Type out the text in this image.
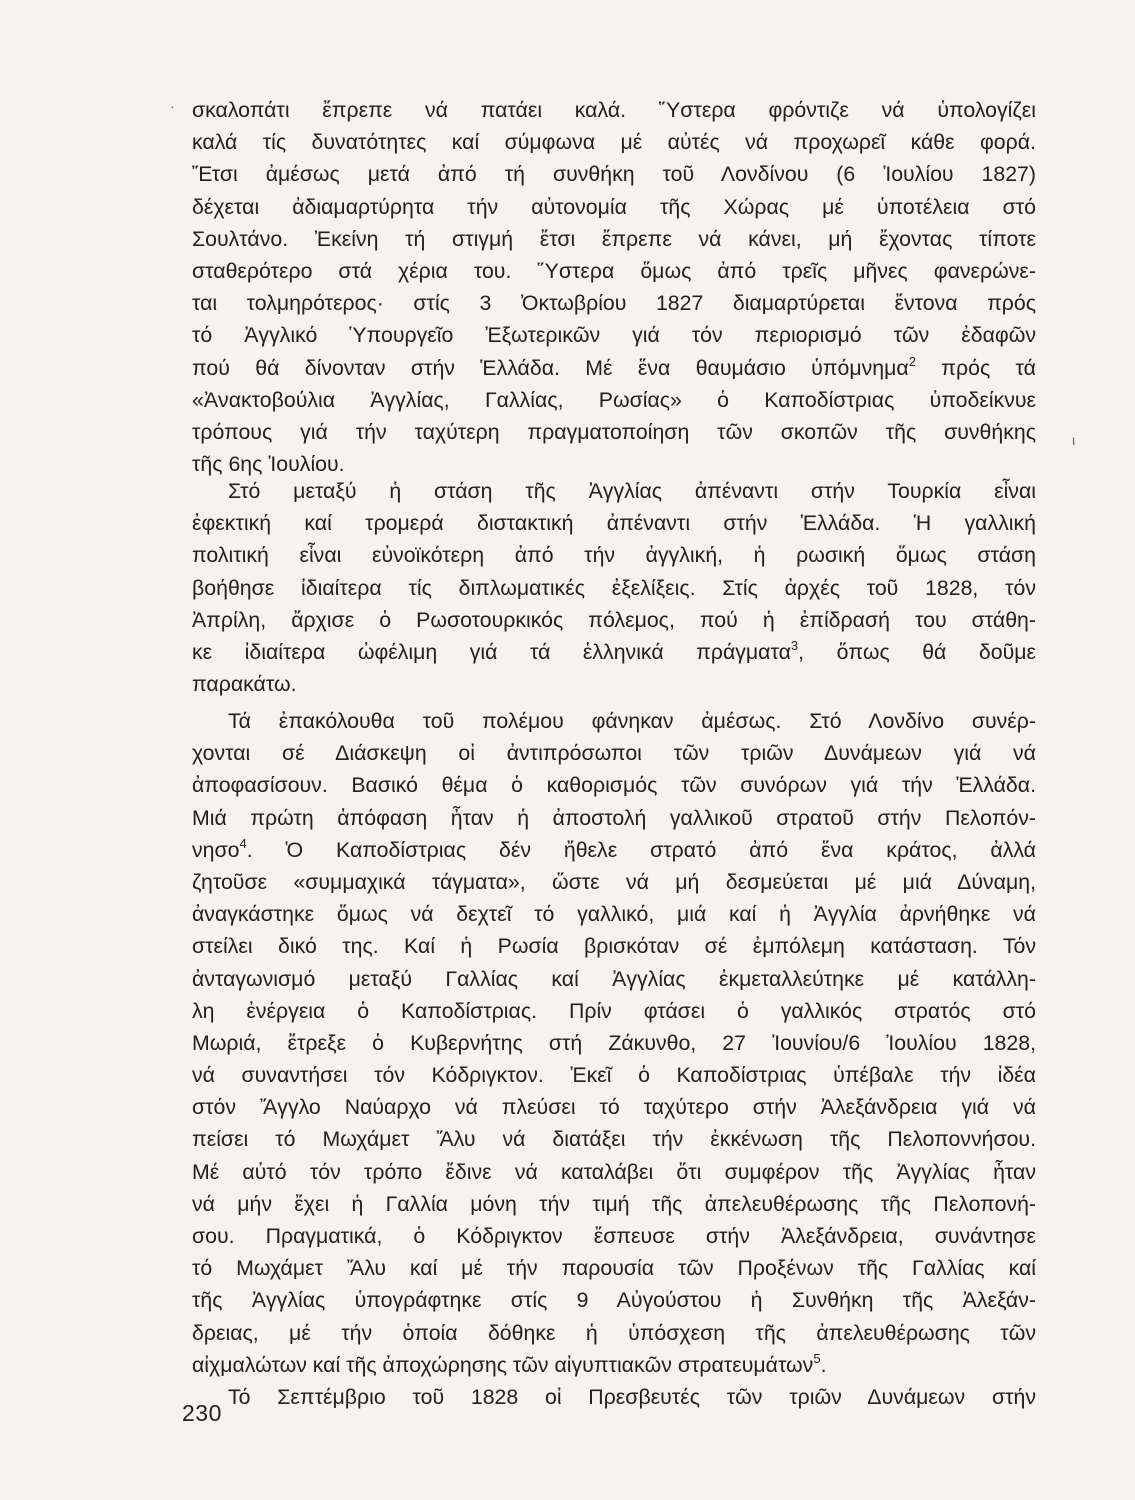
σκαλοπάτι ἔπρεπε νά πατάει καλά. Ὕστερα φρόντιζε νά ὑπολογίζει
καλά τίς δυνατότητες καί σύμφωνα μέ αὐτές νά προχωρεῖ κάθε φορά.
Ἔτσι ἀμέσως μετά ἀπό τή συνθήκη τοῦ Λονδίνου (6 Ἰουλίου 1827)
δέχεται ἀδιαμαρτύρητα τήν αὐτονομία τῆς Χώρας μέ ὑποτέλεια στό
Σουλτάνο. Ἐκείνη τή στιγμή ἔτσι ἔπρεπε νά κάνει, μή ἔχοντας τίποτε
σταθερότερο στά χέρια του. Ὕστερα ὅμως ἀπό τρεῖς μῆνες φανερώνε-
ται τολμηρότερος· στίς 3 Ὀκτωβρίου 1827 διαμαρτύρεται ἔντονα πρός
τό Ἀγγλικό Ὑπουργεῖο Ἐξωτερικῶν γιά τόν περιορισμό τῶν ἐδαφῶν
πού θά δίνονταν στήν Ἑλλάδα. Μέ ἕνα θαυμάσιο ὑπόμνημα$^2$ πρός τά
«Ἀνακτοβούλια Ἀγγλίας, Γαλλίας, Ρωσίας» ὁ Καποδίστριας ὑποδείκνυε
τρόπους γιά τήν ταχύτερη πραγματοποίηση τῶν σκοπῶν τῆς συνθήκης
τῆς 6ης Ἰουλίου.
Στό μεταξύ ἡ στάση τῆς Ἀγγλίας ἀπέναντι στήν Τουρκία εἶναι
ἐφεκτική καί τρομερά διστακτική ἀπέναντι στήν Ἑλλάδα. Ἡ γαλλική
πολιτική εἶναι εὐνοϊκότερη ἀπό τήν ἀγγλική, ἡ ρωσική ὅμως στάση
βοήθησε ἰδιαίτερα τίς διπλωματικές ἐξελίξεις. Στίς ἀρχές τοῦ 1828, τόν
Ἀπρίλη, ἄρχισε ὁ Ρωσοτουρκικός πόλεμος, πού ἡ ἐπίδρασή του στάθη-
κε ἰδιαίτερα ὠφέλιμη γιά τά ἑλληνικά πράγματα$^3$, ὅπως θά δοῦμε
παρακάτω.
Τά ἐπακόλουθα τοῦ πολέμου φάνηκαν ἀμέσως. Στό Λονδίνο συνέρ-
χονται σέ Διάσκεψη οἱ ἀντιπρόσωποι τῶν τριῶν Δυνάμεων γιά νά
ἀποφασίσουν. Βασικό θέμα ὁ καθορισμός τῶν συνόρων γιά τήν Ἑλλάδα.
Μιά πρώτη ἀπόφαση ἦταν ἡ ἀποστολή γαλλικοῦ στρατοῦ στήν Πελοπόν-
νησο$^4$. Ὁ Καποδίστριας δέν ἤθελε στρατό ἀπό ἕνα κράτος, ἀλλά
ζητοῦσε «συμμαχικά τάγματα», ὥστε νά μή δεσμεύεται μέ μιά Δύναμη,
ἀναγκάστηκε ὅμως νά δεχτεῖ τό γαλλικό, μιά καί ἡ Ἀγγλία ἀρνήθηκε νά
στείλει δικό της. Καί ἡ Ρωσία βρισκόταν σέ ἐμπόλεμη κατάσταση. Τόν
ἀνταγωνισμό μεταξύ Γαλλίας καί Ἀγγλίας ἐκμεταλλεύτηκε μέ κατάλλη-
λη ἐνέργεια ὁ Καποδίστριας. Πρίν φτάσει ὁ γαλλικός στρατός στό
Μωριά, ἔτρεξε ὁ Κυβερνήτης στή Ζάκυνθο, 27 Ἰουνίου/6 Ἰουλίου 1828,
νά συναντήσει τόν Κόδριγκτον. Ἐκεῖ ὁ Καποδίστριας ὑπέβαλε τήν ἰδέα
στόν Ἄγγλο Ναύαρχο νά πλεύσει τό ταχύτερο στήν Ἀλεξάνδρεια γιά νά
πείσει τό Μωχάμετ Ἄλυ νά διατάξει τήν ἐκκένωση τῆς Πελοποννήσου.
Μέ αὐτό τόν τρόπο ἔδινε νά καταλάβει ὅτι συμφέρον τῆς Ἀγγλίας ἦταν
νά μήν ἔχει ἡ Γαλλία μόνη τήν τιμή τῆς ἀπελευθέρωσης τῆς Πελοπονή-
σου. Πραγματικά, ὁ Κόδριγκτον ἔσπευσε στήν Ἀλεξάνδρεια, συνάντησε
τό Μωχάμετ Ἄλυ καί μέ τήν παρουσία τῶν Προξένων τῆς Γαλλίας καί
τῆς Ἀγγλίας ὑπογράφτηκε στίς 9 Αὐγούστου ἡ Συνθήκη τῆς Ἀλεξάν-
δρειας, μέ τήν ὁποία δόθηκε ἡ ὑπόσχεση τῆς ἀπελευθέρωσης τῶν
αἰχμαλώτων καί τῆς ἀποχώρησης τῶν αἰγυπτιακῶν στρατευμάτων$^5$.
Τό Σεπτέμβριο τοῦ 1828 οἱ Πρεσβευτές τῶν τριῶν Δυνάμεων στήν
230
·
ι
